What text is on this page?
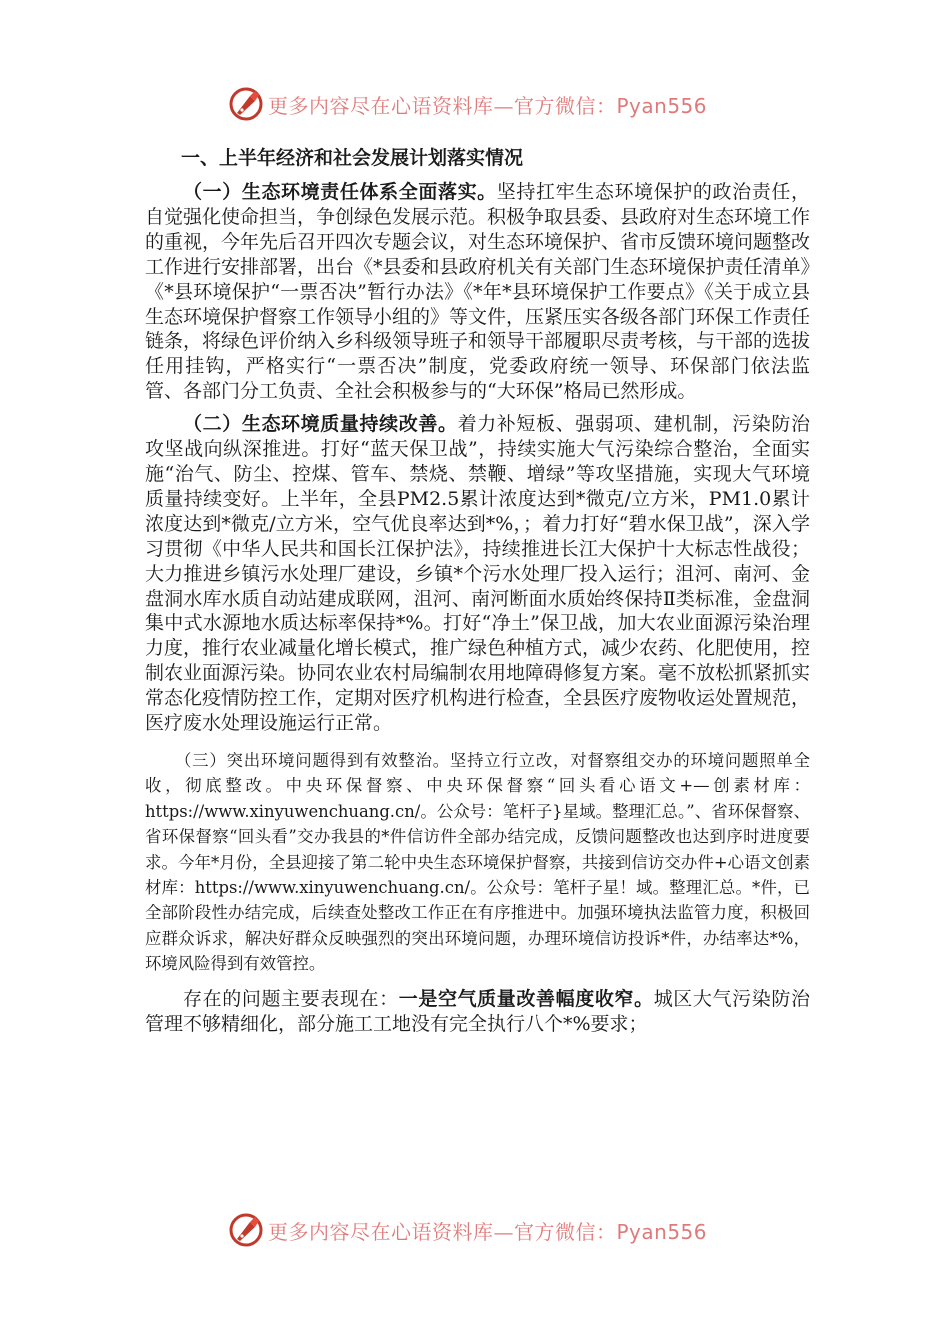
更多内容尽在心语资料库—官方微信：Pyan556
一、上半年经济和社会发展计划落实情况

（一）生态环境责任体系全面落实。坚持扛牢生态环境保护的政治责任，自觉强化使命担当，争创绿色发展示范。积极争取县委、县政府对生态环境工作的重视，今年先后召开四次专题会议，对生态环境保护、省市反馈环境问题整改工作进行安排部署，出台《*县委和县政府机关有关部门生态环境保护责任清单》《*县环境保护“一票否决”暂行办法》《*年*县环境保护工作要点》《关于成立县生态环境保护督察工作领导小组的》等文件，压紧压实各级各部门环保工作责任链条，将绿色评价纳入乡科级领导班子和领导干部履职尽责考核，与干部的选拔任用挂钩，严格实行“一票否决”制度，党委政府统一领导、环保部门依法监管、各部门分工负责、全社会积极参与的“大环保”格局已然形成。

（二）生态环境质量持续改善。着力补短板、强弱项、建机制，污染防治攻坚战向纵深推进。打好“蓝天保卫战”，持续实施大气污染综合整治，全面实施“治气、防尘、控煤、管车、禁烧、禁鞭、增绿”等攻坚措施，实现大气环境质量持续变好。上半年，全县PM2.5累计浓度达到*微克/立方米，PM1.0累计浓度达到*微克/立方米，空气优良率达到*%，；着力打好“碧水保卫战”，深入学习贯彻《中华人民共和国长江保护法》，持续推进长江大保护十大标志性战役；大力推进乡镇污水处理厂建设，乡镇*个污水处理厂投入运行；沮河、南河、金盘洞水库水质自动站建成联网，沮河、南河断面水质始终保持Ⅱ类标准，金盘洞集中式水源地水质达标率保持*%。打好“净土”保卫战，加大农业面源污染治理力度，推行农业减量化增长模式，推广绿色种植方式，减少农药、化肥使用，控制农业面源污染。协同农业农村局编制农用地障碍修复方案。毫不放松抓紧抓实常态化疫情防控工作，定期对医疗机构进行检查，全县医疗废物收运处置规范，医疗废水处理设施运行正常。

（三）突出环境问题得到有效整治。坚持立行立改，对督察组交办的环境问题照单全收，彻底整改。中央环保督察、中央环保督察“回头看心语文+—创素材库：https://www.xinyuwenchuang.cn/。公众号：笔杆子}星域。整理汇总。”、省环保督察、省环保督察“回头看”交办我县的*件信访件全部办结完成，反馈问题整改也达到序时进度要求。今年*月份，全县迎接了第二轮中央生态环境保护督察，共接到信访交办件+心语文创素材库：https://www.xinyuwenchuang.cn/。公众号：笔杆子星！域。整理汇总。*件，已全部阶段性办结完成，后续查处整改工作正在有序推进中。加强环境执法监管力度，积极回应群众诉求，解决好群众反映强烈的突出环境问题，办理环境信访投诉*件，办结率达*%，环境风险得到有效管控。

存在的问题主要表现在：一是空气质量改善幅度收窄。城区大气污染防治管理不够精细化，部分施工工地没有完全执行八个*%要求；

更多内容尽在心语资料库—官方微信：Pyan556
